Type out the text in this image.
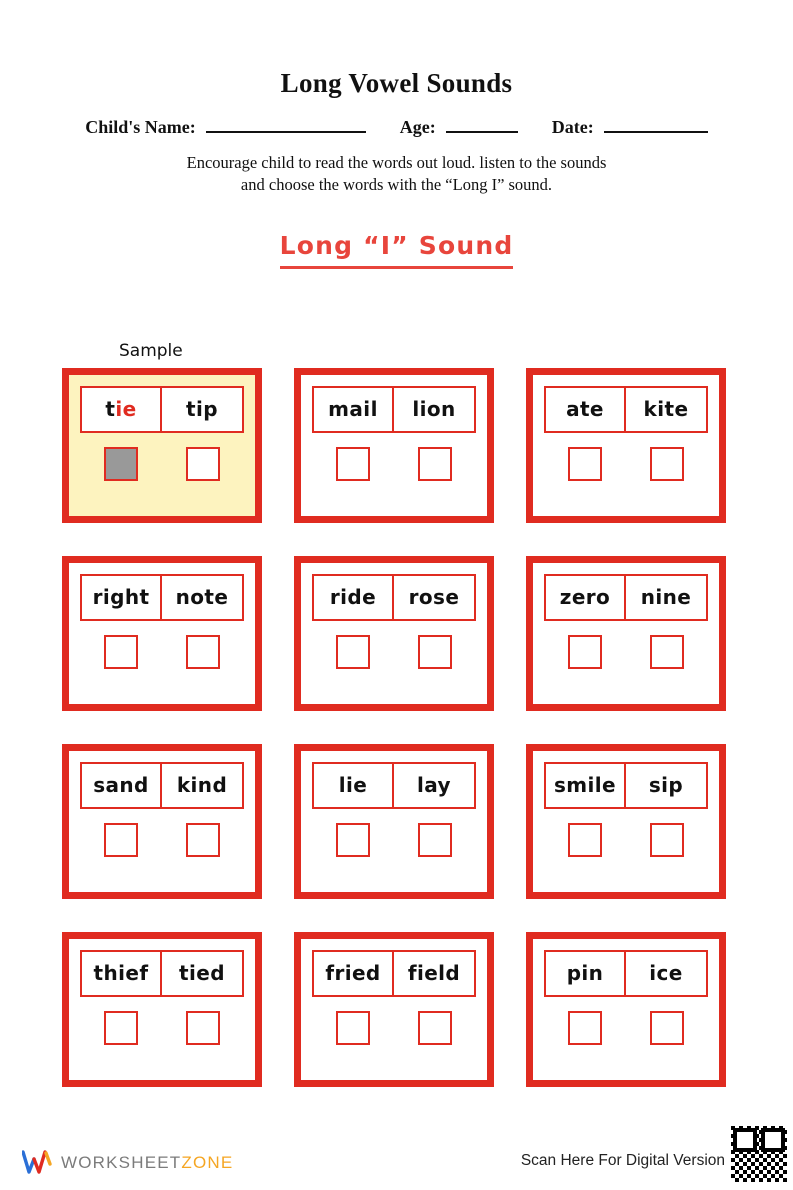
Long Vowel Sounds
Child's Name:	Age:	Date:
Encourage child to read the words out loud. listen to the sounds
and choose the words with the “Long I” sound.
Long “I” Sound
Sample
tie	tip	mail	lion	ate	kite
right	note	ride	rose	zero	nine
sand	kind	lie	lay	smile	sip
thief	tied	fried	field	pin	ice
WORKSHEETZONE	Scan Here For Digital Version
